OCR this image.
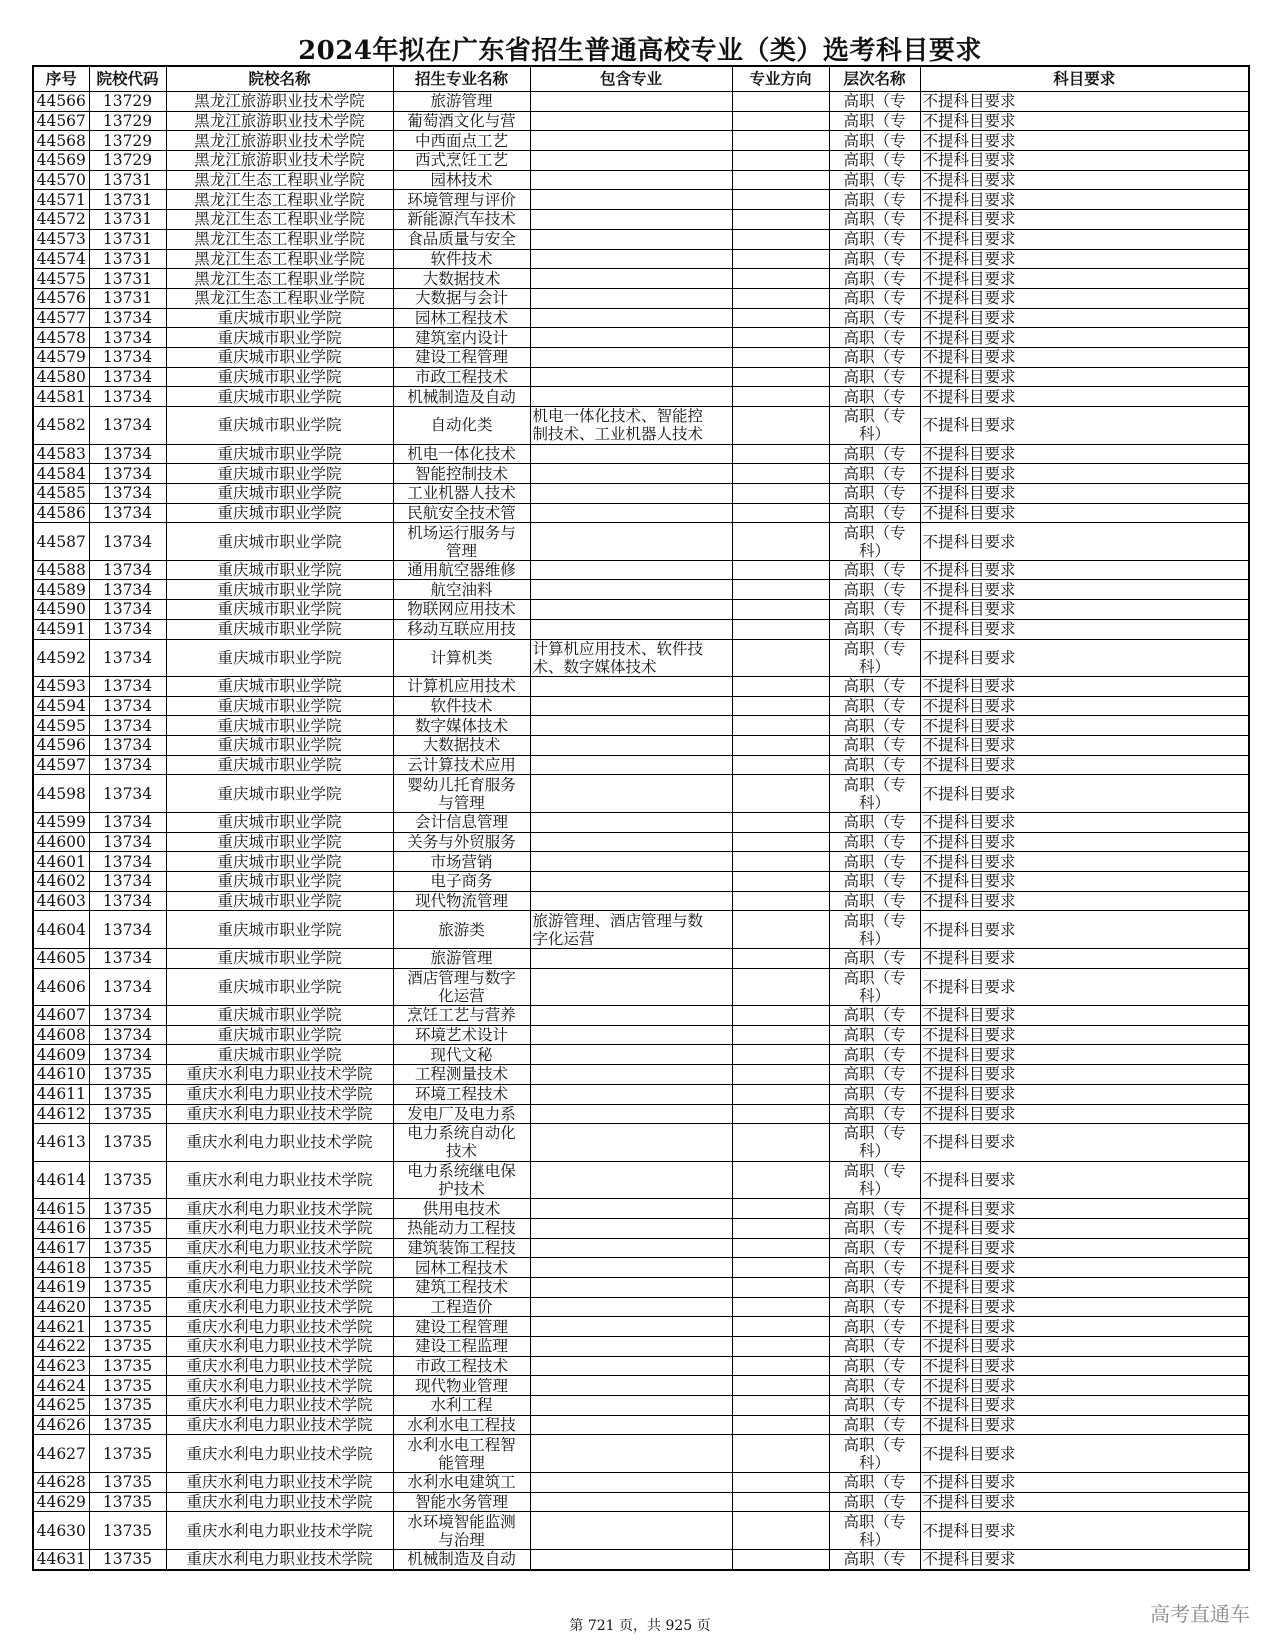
2024年拟在广东省招生普通高校专业（类）选考科目要求
序号	院校代码	院校名称	招生专业名称	包含专业	专业方向	层次名称	科目要求
44566	13729	黑龙江旅游职业技术学院	旅游管理			高职（专	不提科目要求
44567	13729	黑龙江旅游职业技术学院	葡萄酒文化与营			高职（专	不提科目要求
44568	13729	黑龙江旅游职业技术学院	中西面点工艺			高职（专	不提科目要求
44569	13729	黑龙江旅游职业技术学院	西式烹饪工艺			高职（专	不提科目要求
44570	13731	黑龙江生态工程职业学院	园林技术			高职（专	不提科目要求
44571	13731	黑龙江生态工程职业学院	环境管理与评价			高职（专	不提科目要求
44572	13731	黑龙江生态工程职业学院	新能源汽车技术			高职（专	不提科目要求
44573	13731	黑龙江生态工程职业学院	食品质量与安全			高职（专	不提科目要求
44574	13731	黑龙江生态工程职业学院	软件技术			高职（专	不提科目要求
44575	13731	黑龙江生态工程职业学院	大数据技术			高职（专	不提科目要求
44576	13731	黑龙江生态工程职业学院	大数据与会计			高职（专	不提科目要求
44577	13734	重庆城市职业学院	园林工程技术			高职（专	不提科目要求
44578	13734	重庆城市职业学院	建筑室内设计			高职（专	不提科目要求
44579	13734	重庆城市职业学院	建设工程管理			高职（专	不提科目要求
44580	13734	重庆城市职业学院	市政工程技术			高职（专	不提科目要求
44581	13734	重庆城市职业学院	机械制造及自动			高职（专	不提科目要求
44582	13734	重庆城市职业学院	自动化类	机电一体化技术、智能控
制技术、工业机器人技术		高职（专
科）	不提科目要求
44583	13734	重庆城市职业学院	机电一体化技术			高职（专	不提科目要求
44584	13734	重庆城市职业学院	智能控制技术			高职（专	不提科目要求
44585	13734	重庆城市职业学院	工业机器人技术			高职（专	不提科目要求
44586	13734	重庆城市职业学院	民航安全技术管			高职（专	不提科目要求
44587	13734	重庆城市职业学院	机场运行服务与
管理			高职（专
科）	不提科目要求
44588	13734	重庆城市职业学院	通用航空器维修			高职（专	不提科目要求
44589	13734	重庆城市职业学院	航空油料			高职（专	不提科目要求
44590	13734	重庆城市职业学院	物联网应用技术			高职（专	不提科目要求
44591	13734	重庆城市职业学院	移动互联应用技			高职（专	不提科目要求
44592	13734	重庆城市职业学院	计算机类	计算机应用技术、软件技
术、数字媒体技术		高职（专
科）	不提科目要求
44593	13734	重庆城市职业学院	计算机应用技术			高职（专	不提科目要求
44594	13734	重庆城市职业学院	软件技术			高职（专	不提科目要求
44595	13734	重庆城市职业学院	数字媒体技术			高职（专	不提科目要求
44596	13734	重庆城市职业学院	大数据技术			高职（专	不提科目要求
44597	13734	重庆城市职业学院	云计算技术应用			高职（专	不提科目要求
44598	13734	重庆城市职业学院	婴幼儿托育服务
与管理			高职（专
科）	不提科目要求
44599	13734	重庆城市职业学院	会计信息管理			高职（专	不提科目要求
44600	13734	重庆城市职业学院	关务与外贸服务			高职（专	不提科目要求
44601	13734	重庆城市职业学院	市场营销			高职（专	不提科目要求
44602	13734	重庆城市职业学院	电子商务			高职（专	不提科目要求
44603	13734	重庆城市职业学院	现代物流管理			高职（专	不提科目要求
44604	13734	重庆城市职业学院	旅游类	旅游管理、酒店管理与数
字化运营		高职（专
科）	不提科目要求
44605	13734	重庆城市职业学院	旅游管理			高职（专	不提科目要求
44606	13734	重庆城市职业学院	酒店管理与数字
化运营			高职（专
科）	不提科目要求
44607	13734	重庆城市职业学院	烹饪工艺与营养			高职（专	不提科目要求
44608	13734	重庆城市职业学院	环境艺术设计			高职（专	不提科目要求
44609	13734	重庆城市职业学院	现代文秘			高职（专	不提科目要求
44610	13735	重庆水利电力职业技术学院	工程测量技术			高职（专	不提科目要求
44611	13735	重庆水利电力职业技术学院	环境工程技术			高职（专	不提科目要求
44612	13735	重庆水利电力职业技术学院	发电厂及电力系			高职（专	不提科目要求
44613	13735	重庆水利电力职业技术学院	电力系统自动化
技术			高职（专
科）	不提科目要求
44614	13735	重庆水利电力职业技术学院	电力系统继电保
护技术			高职（专
科）	不提科目要求
44615	13735	重庆水利电力职业技术学院	供用电技术			高职（专	不提科目要求
44616	13735	重庆水利电力职业技术学院	热能动力工程技			高职（专	不提科目要求
44617	13735	重庆水利电力职业技术学院	建筑装饰工程技			高职（专	不提科目要求
44618	13735	重庆水利电力职业技术学院	园林工程技术			高职（专	不提科目要求
44619	13735	重庆水利电力职业技术学院	建筑工程技术			高职（专	不提科目要求
44620	13735	重庆水利电力职业技术学院	工程造价			高职（专	不提科目要求
44621	13735	重庆水利电力职业技术学院	建设工程管理			高职（专	不提科目要求
44622	13735	重庆水利电力职业技术学院	建设工程监理			高职（专	不提科目要求
44623	13735	重庆水利电力职业技术学院	市政工程技术			高职（专	不提科目要求
44624	13735	重庆水利电力职业技术学院	现代物业管理			高职（专	不提科目要求
44625	13735	重庆水利电力职业技术学院	水利工程			高职（专	不提科目要求
44626	13735	重庆水利电力职业技术学院	水利水电工程技			高职（专	不提科目要求
44627	13735	重庆水利电力职业技术学院	水利水电工程智
能管理			高职（专
科）	不提科目要求
44628	13735	重庆水利电力职业技术学院	水利水电建筑工			高职（专	不提科目要求
44629	13735	重庆水利电力职业技术学院	智能水务管理			高职（专	不提科目要求
44630	13735	重庆水利电力职业技术学院	水环境智能监测
与治理			高职（专
科）	不提科目要求
44631	13735	重庆水利电力职业技术学院	机械制造及自动			高职（专	不提科目要求
第 721 页，共 925 页	高考直通车
